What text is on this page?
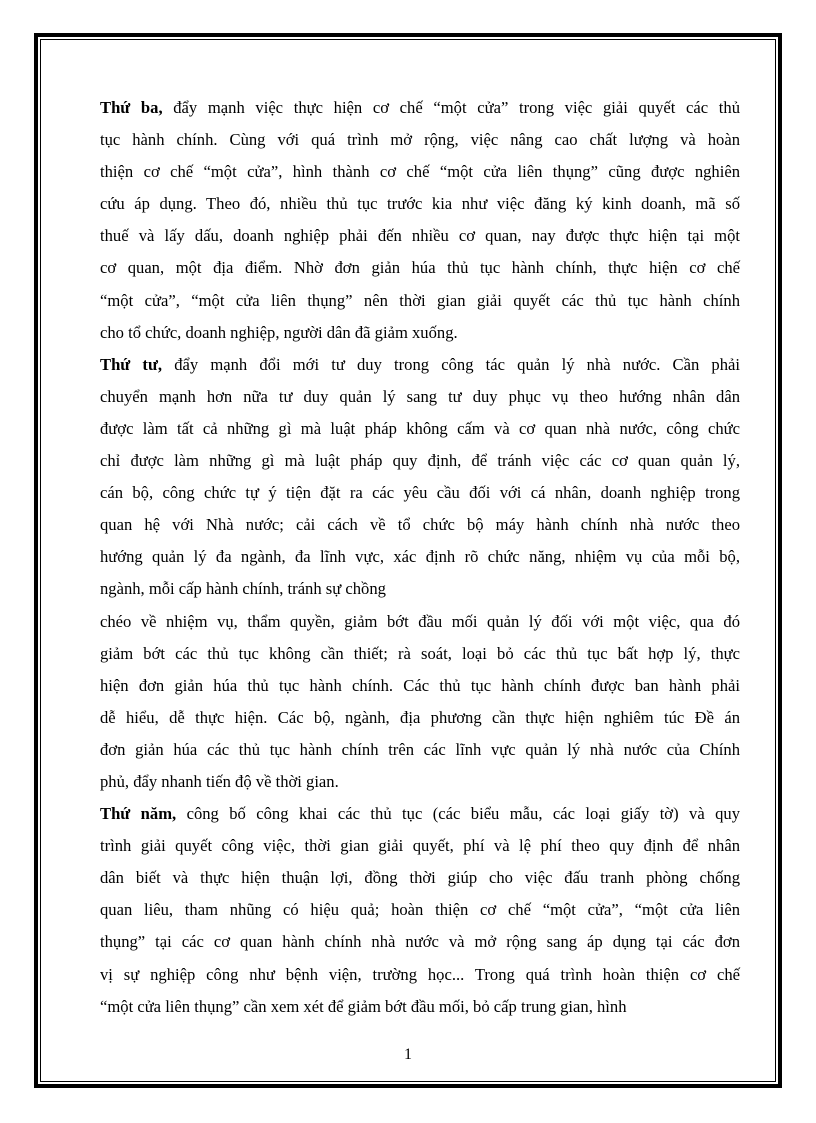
Thứ ba, đẩy mạnh việc thực hiện cơ chế “một cửa” trong việc giải quyết các thủ
tục hành chính. Cùng với quá trình mở rộng, việc nâng cao chất lượng và hoàn
thiện cơ chế “một cửa”, hình thành cơ chế “một cửa liên thụng” cũng được nghiên
cứu áp dụng. Theo đó, nhiều thủ tục trước kia như việc đăng ký kinh doanh, mã số
thuế và lấy dấu, doanh nghiệp phải đến nhiều cơ quan, nay được thực hiện tại một
cơ quan, một địa điểm. Nhờ đơn giản húa thủ tục hành chính, thực hiện cơ chế
“một cửa”, “một cửa liên thụng” nên thời gian giải quyết các thủ tục hành chính
cho tổ chức, doanh nghiệp, người dân đã giảm xuống.
Thứ tư, đẩy mạnh đổi mới tư duy trong công tác quản lý nhà nước. Cần phải
chuyển mạnh hơn nữa tư duy quản lý sang tư duy phục vụ theo hướng nhân dân
được làm tất cả những gì mà luật pháp không cấm và cơ quan nhà nước, công chức
chỉ được làm những gì mà luật pháp quy định, để tránh việc các cơ quan quản lý,
cán bộ, công chức tự ý tiện đặt ra các yêu cầu đối với cá nhân, doanh nghiệp trong
quan hệ với Nhà nước; cải cách về tổ chức bộ máy hành chính nhà nước theo
hướng quản lý đa ngành, đa lĩnh vực, xác định rõ chức năng, nhiệm vụ của mỗi bộ,
ngành, mỗi cấp hành chính, tránh sự chồng
chéo về nhiệm vụ, thẩm quyền, giảm bớt đầu mối quản lý đối với một việc, qua đó
giảm bớt các thủ tục không cần thiết; rà soát, loại bỏ các thủ tục bất hợp lý, thực
hiện đơn giản húa thủ tục hành chính. Các thủ tục hành chính được ban hành phải
dễ hiểu, dễ thực hiện. Các bộ, ngành, địa phương cần thực hiện nghiêm túc Đề án
đơn giản húa các thủ tục hành chính trên các lĩnh vực quản lý nhà nước của Chính
phủ, đẩy nhanh tiến độ về thời gian.
Thứ năm, công bố công khai các thủ tục (các biểu mẫu, các loại giấy tờ) và quy
trình giải quyết công việc, thời gian giải quyết, phí và lệ phí theo quy định để nhân
dân biết và thực hiện thuận lợi, đồng thời giúp cho việc đấu tranh phòng chống
quan liêu, tham nhũng có hiệu quả; hoàn thiện cơ chế “một cửa”, “một cửa liên
thụng” tại các cơ quan hành chính nhà nước và mở rộng sang áp dụng tại các đơn
vị sự nghiệp công như bệnh viện, trường học... Trong quá trình hoàn thiện cơ chế
“một cửa liên thụng” cần xem xét để giảm bớt đầu mối, bỏ cấp trung gian, hình
1
